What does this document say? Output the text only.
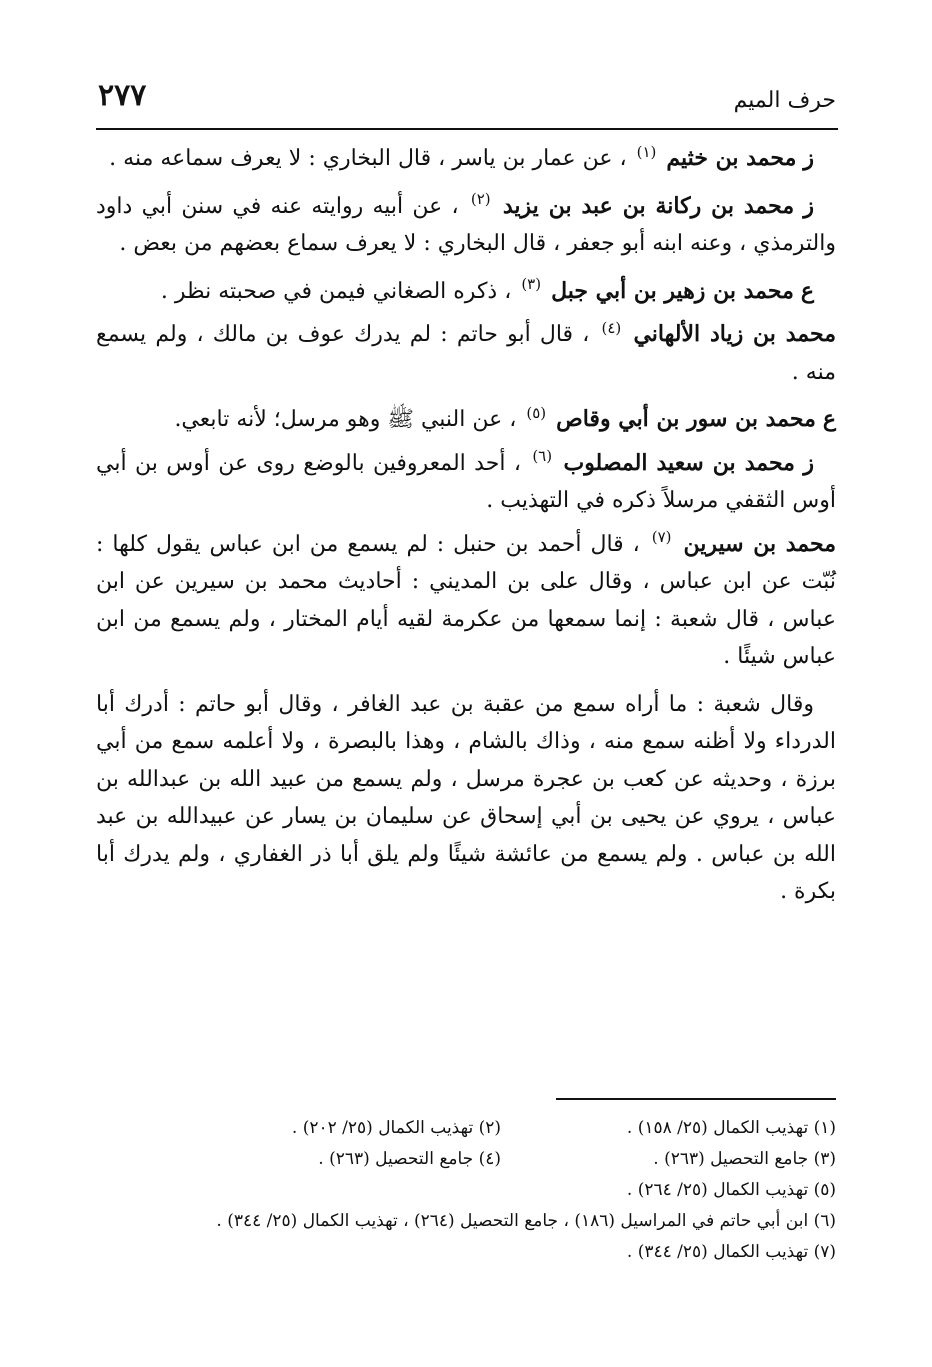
٢٧٧	حرف الميم

ز محمد بن خثيم $^{(١)}$ ، عن عمار بن ياسر ، قال البخاري : لا يعرف سماعه منه .

ز محمد بن ركانة بن عبد بن يزيد $^{(٢)}$ ، عن أبيه روايته عنه في سنن أبي داود والترمذي ، وعنه ابنه أبو جعفر ، قال البخاري : لا يعرف سماع بعضهم من بعض .

ع محمد بن زهير بن أبي جبل $^{(٣)}$ ، ذكره الصغاني فيمن في صحبته نظر .

محمد بن زياد الألهاني $^{(٤)}$ ، قال أبو حاتم : لم يدرك عوف بن مالك ، ولم يسمع منه .

ع محمد بن سور بن أبي وقاص $^{(٥)}$ ، عن النبي ﷺ وهو مرسل؛ لأنه تابعي.

ز محمد بن سعيد المصلوب $^{(٦)}$ ، أحد المعروفين بالوضع روى عن أوس بن أبي أوس الثقفي مرسلاً ذكره في التهذيب .

محمد بن سيرين $^{(٧)}$ ، قال أحمد بن حنبل : لم يسمع من ابن عباس يقول كلها : نُبّت عن ابن عباس ، وقال على بن المديني : أحاديث محمد بن سيرين عن ابن عباس ، قال شعبة : إنما سمعها من عكرمة لقيه أيام المختار ، ولم يسمع من ابن عباس شيئًا .

وقال شعبة : ما أراه سمع من عقبة بن عبد الغافر ، وقال أبو حاتم : أدرك أبا الدرداء ولا أظنه سمع منه ، وذاك بالشام ، وهذا بالبصرة ، ولا أعلمه سمع من أبي برزة ، وحديثه عن كعب بن عجرة مرسل ، ولم يسمع من عبيد الله بن عبدالله بن عباس ، يروي عن يحيى بن أبي إسحاق عن سليمان بن يسار عن عبيدالله بن عبد الله بن عباس . ولم يسمع من عائشة شيئًا ولم يلق أبا ذر الغفاري ، ولم يدرك أبا بكرة .

(١) تهذيب الكمال (٢٥/ ١٥٨) .
(٢) تهذيب الكمال (٢٥/ ٢٠٢) .
(٣) جامع التحصيل (٢٦٣) .
(٤) جامع التحصيل (٢٦٣) .
(٥) تهذيب الكمال (٢٥/ ٢٦٤) .
(٦) ابن أبي حاتم في المراسيل (١٨٦) ، جامع التحصيل (٢٦٤) ، تهذيب الكمال (٢٥/ ٣٤٤) .
(٧) تهذيب الكمال (٢٥/ ٣٤٤) .
